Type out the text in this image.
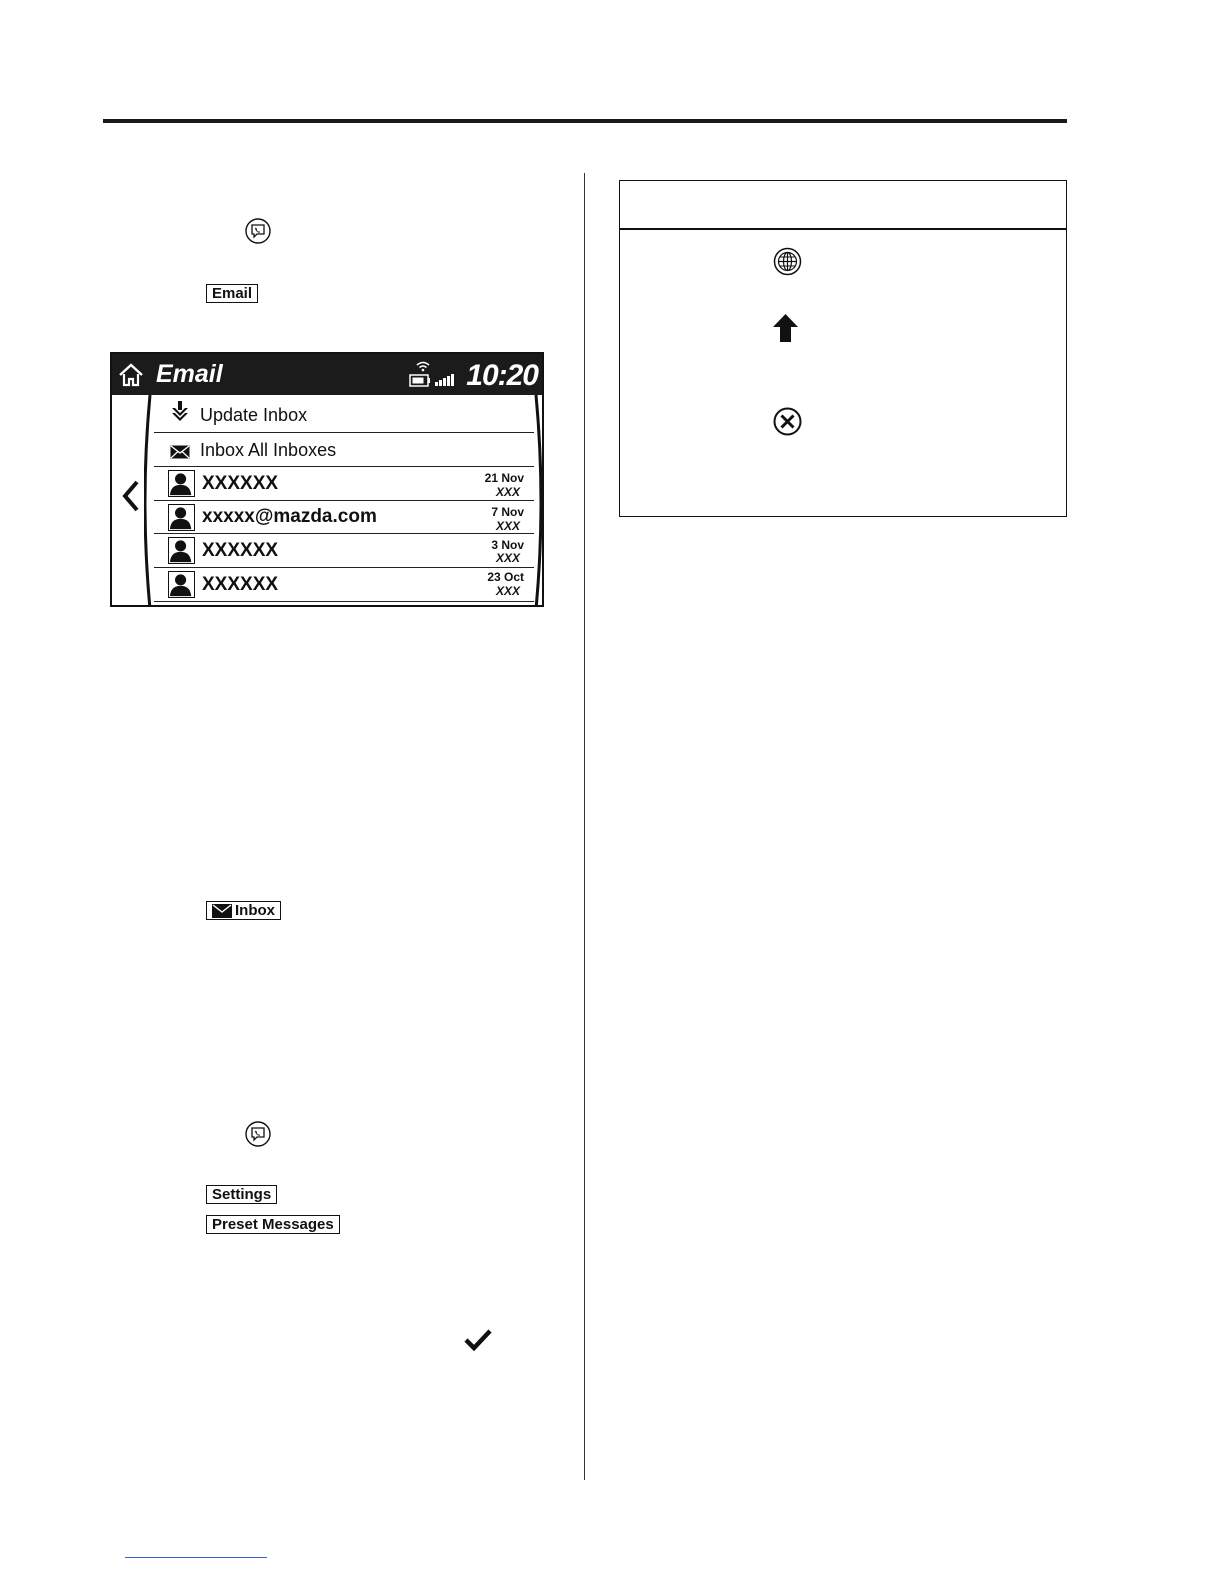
Email
Email	10:20
Update Inbox
Inbox All Inboxes
XXXXXX	21 Nov
XXX
xxxxx@mazda.com	7 Nov
XXX
XXXXXX	3 Nov
XXX
XXXXXX	23 Oct
XXX
Inbox
Settings
Preset Messages
